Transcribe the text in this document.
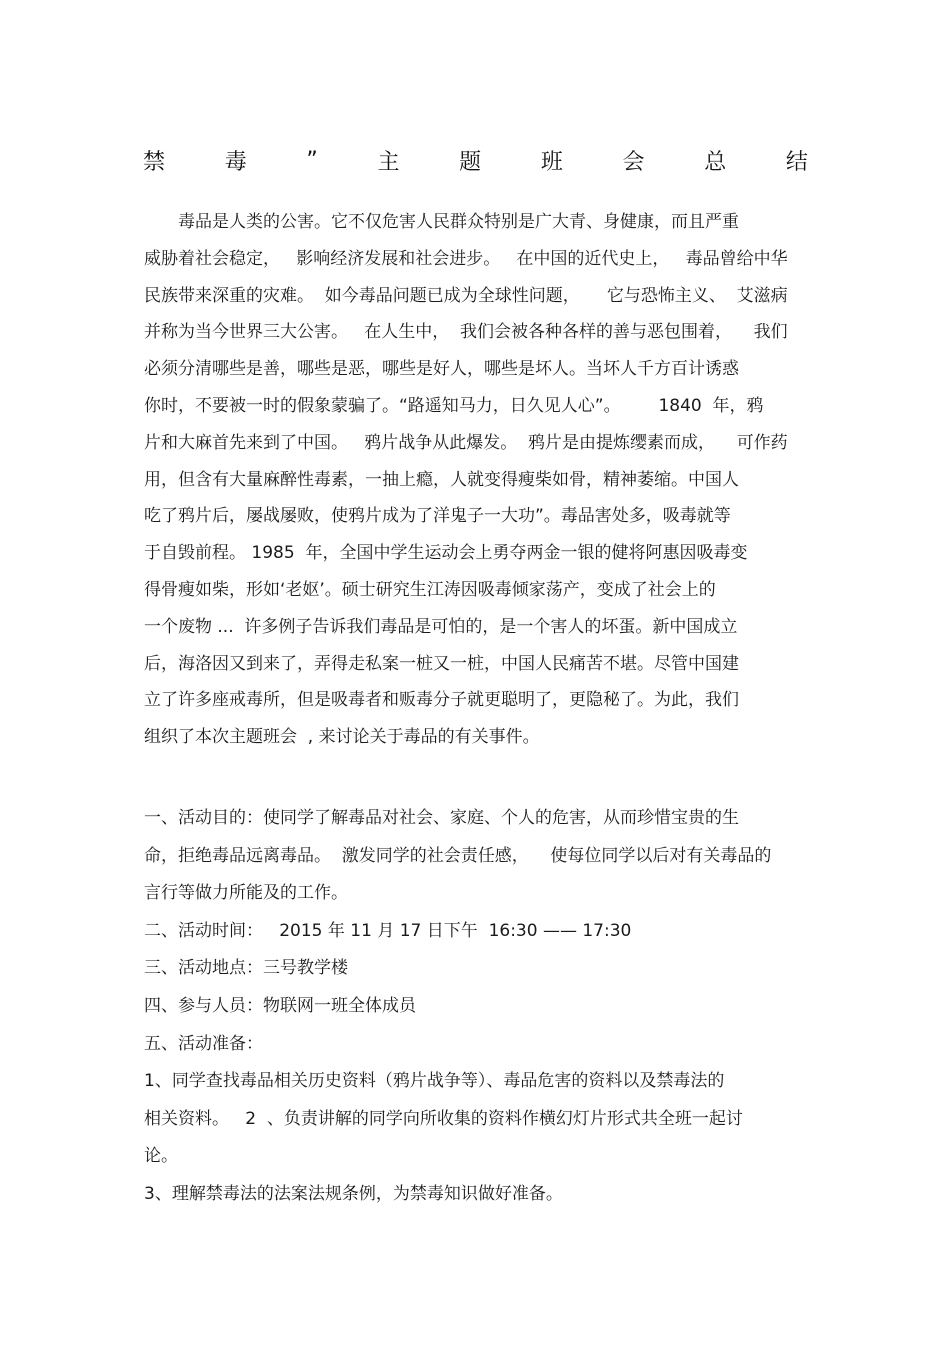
禁	毒	”	主	题	班	会	总	结
毒品是人类的公害。它不仅危害人民群众特别是广大青、身健康，而且严重
威胁着社会稳定，   影响经济发展和社会进步。   在中国的近代史上，   毒品曾给中华
民族带来深重的灾难。  如今毒品问题已成为全球性问题，     它与恐怖主义、  艾滋病
并称为当今世界三大公害。   在人生中，  我们会被各种各样的善与恶包围着，    我们
必须分清哪些是善，哪些是恶，哪些是好人，哪些是坏人。当坏人千方百计诱惑
你时，不要被一时的假象蒙骗了。“路遥知马力，日久见人心”。       1840  年，鸦
片和大麻首先来到了中国。   鸦片战争从此爆发。  鸦片是由提炼缨素而成，    可作药
用，但含有大量麻醉性毒素，一抽上瘾，人就变得瘦柴如骨，精神萎缩。中国人
吃了鸦片后，屡战屡败，使鸦片成为了洋鬼子一大功”。毒品害处多，吸毒就等
于自毁前程。 1985  年，全国中学生运动会上勇夺两金一银的健将阿惠因吸毒变
得骨瘦如柴，形如‘老妪’。硕士研究生江涛因吸毒倾家荡产，变成了社会上的
一个废物 ...  许多例子告诉我们毒品是可怕的，是一个害人的坏蛋。新中国成立
后，海洛因又到来了，弄得走私案一桩又一桩，中国人民痛苦不堪。尽管中国建
立了许多座戒毒所，但是吸毒者和贩毒分子就更聪明了，更隐秘了。为此，我们
组织了本次主题班会  , 来讨论关于毒品的有关事件。
一、活动目的：使同学了解毒品对社会、家庭、个人的危害，从而珍惜宝贵的生
命，拒绝毒品远离毒品。  激发同学的社会责任感，    使每位同学以后对有关毒品的
言行等做力所能及的工作。
二、活动时间：   2015 年 11 月 17 日下午  16:30 —— 17:30
三、活动地点：三号教学楼
四、参与人员：物联网一班全体成员
五、活动准备：
1、同学查找毒品相关历史资料（鸦片战争等）、毒品危害的资料以及禁毒法的
相关资料。   2  、负责讲解的同学向所收集的资料作横幻灯片形式共全班一起讨
论。
3、理解禁毒法的法案法规条例，为禁毒知识做好准备。
